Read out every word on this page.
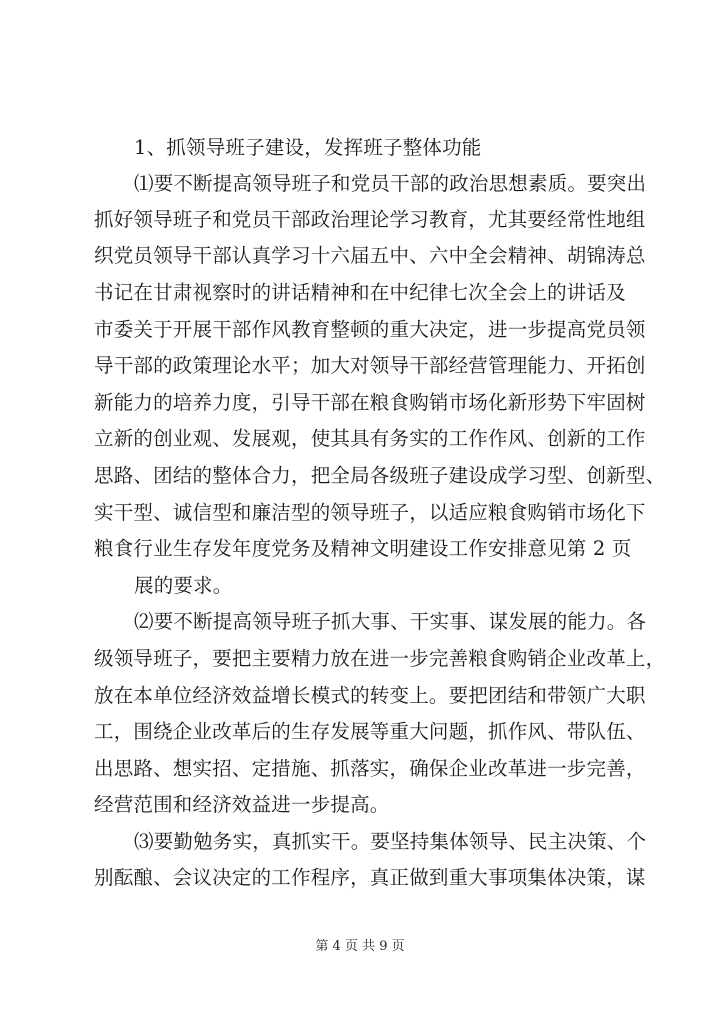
1、抓领导班子建设，发挥班子整体功能
⑴要不断提高领导班子和党员干部的政治思想素质。要突出
抓好领导班子和党员干部政治理论学习教育，尤其要经常性地组
织党员领导干部认真学习十六届五中、六中全会精神、胡锦涛总
书记在甘肃视察时的讲话精神和在中纪律七次全会上的讲话及
市委关于开展干部作风教育整顿的重大决定，进一步提高党员领
导干部的政策理论水平；加大对领导干部经营管理能力、开拓创
新能力的培养力度，引导干部在粮食购销市场化新形势下牢固树
立新的创业观、发展观，使其具有务实的工作作风、创新的工作
思路、团结的整体合力，把全局各级班子建设成学习型、创新型、
实干型、诚信型和廉洁型的领导班子，以适应粮食购销市场化下
粮食行业生存发年度党务及精神文明建设工作安排意见第 2 页
展的要求。
⑵要不断提高领导班子抓大事、干实事、谋发展的能力。各
级领导班子，要把主要精力放在进一步完善粮食购销企业改革上，
放在本单位经济效益增长模式的转变上。要把团结和带领广大职
工，围绕企业改革后的生存发展等重大问题，抓作风、带队伍、
出思路、想实招、定措施、抓落实，确保企业改革进一步完善，
经营范围和经济效益进一步提高。
⑶要勤勉务实，真抓实干。要坚持集体领导、民主决策、个
别酝酿、会议决定的工作程序，真正做到重大事项集体决策，谋
第 4 页 共 9 页
